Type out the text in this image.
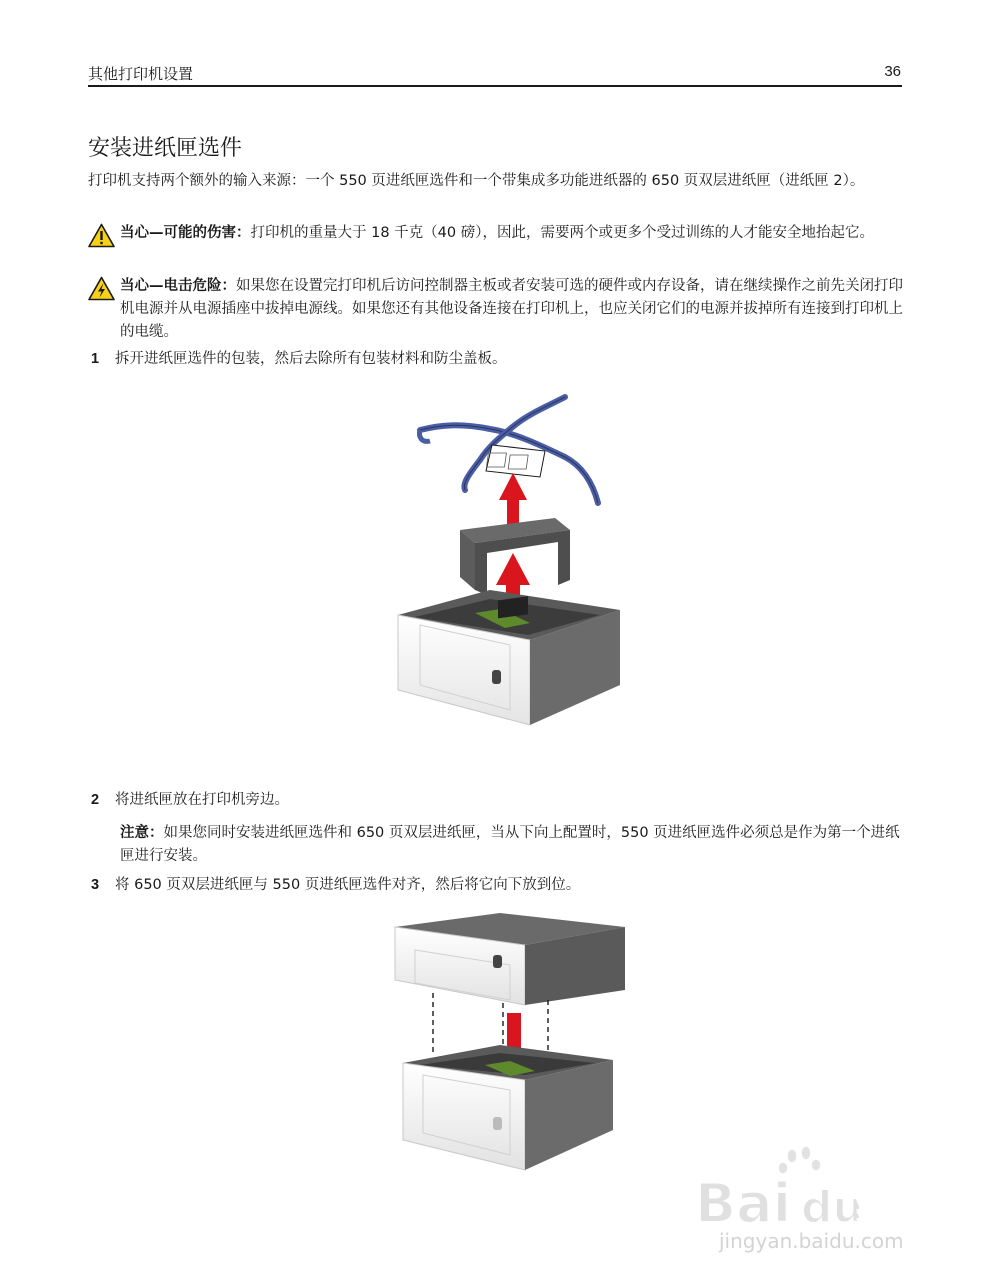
其他打印机设置	36
安装进纸匣选件
打印机支持两个额外的输入来源：一个 550 页进纸匣选件和一个带集成多功能进纸器的 650 页双层进纸匣（进纸匣 2）。
当心—可能的伤害：打印机的重量大于 18 千克（40 磅），因此，需要两个或更多个受过训练的人才能安全地抬起它。
当心—电击危险：如果您在设置完打印机后访问控制器主板或者安装可选的硬件或内存设备，请在继续操作之前先关闭打印机电源并从电源插座中拔掉电源线。如果您还有其他设备连接在打印机上，也应关闭它们的电源并拔掉所有连接到打印机上的电缆。
1 拆开进纸匣选件的包装，然后去除所有包装材料和防尘盖板。
2 将进纸匣放在打印机旁边。
注意：如果您同时安装进纸匣选件和 650 页双层进纸匣，当从下向上配置时，550 页进纸匣选件必须总是作为第一个进纸匣进行安装。
3 将 650 页双层进纸匣与 550 页进纸匣选件对齐，然后将它向下放到位。
Bai du
经验
jingyan.baidu.com
